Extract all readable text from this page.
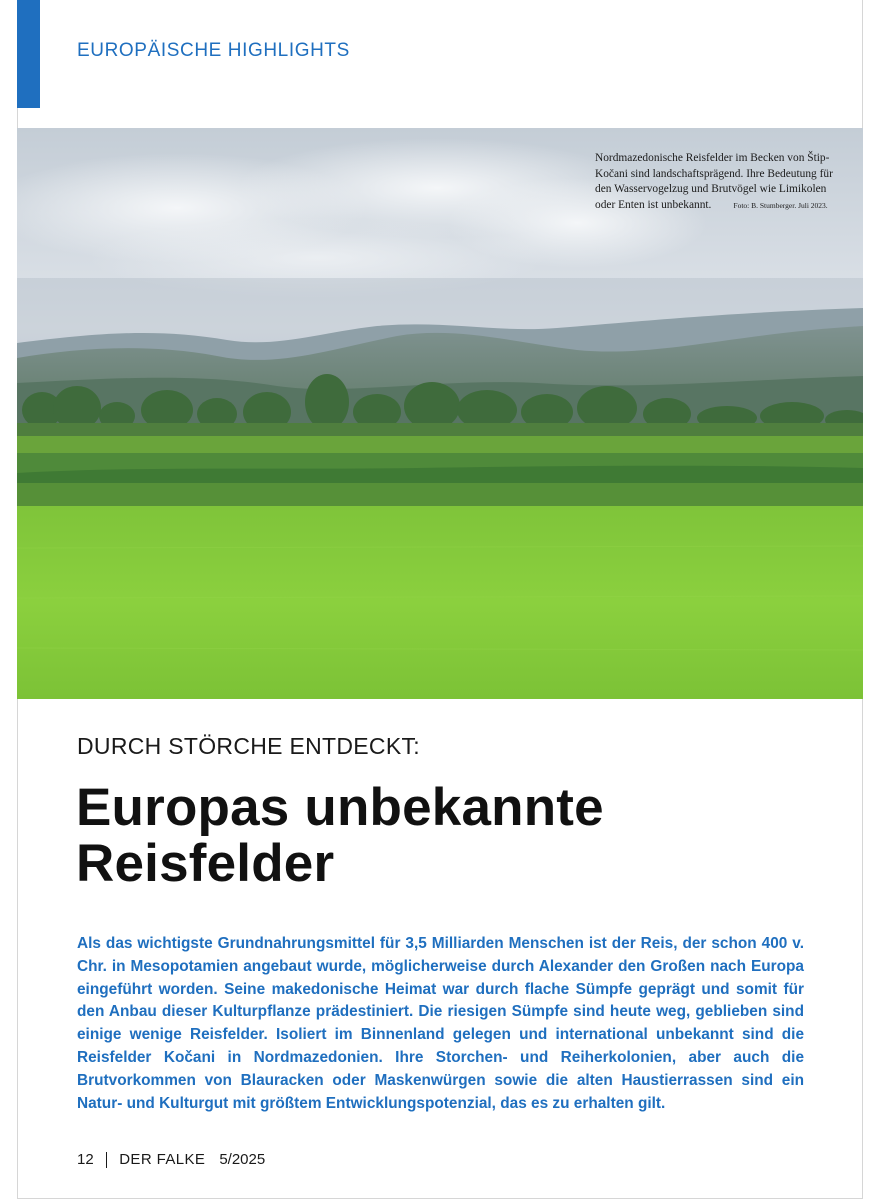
EUROPÄISCHE HIGHLIGHTS
Nordmazedonische Reisfelder im Becken von Štip-Kočani sind landschaftsprägend. Ihre Bedeutung für den Wasservogelzug und Brutvögel wie Limikolen oder Enten ist unbekannt.	Foto: B. Stumberger. Juli 2023.
DURCH STÖRCHE ENTDECKT:
Europas unbekannte
Reisfelder
Als das wichtigste Grundnahrungsmittel für 3,5 Milliarden Menschen ist der Reis, der schon 400 v. Chr. in Mesopotamien angebaut wurde, möglicherweise durch Alexander den Großen nach Europa eingeführt worden. Seine makedonische Heimat war durch flache Sümpfe geprägt und somit für den Anbau dieser Kulturpflanze prädestiniert. Die riesigen Sümpfe sind heute weg, geblieben sind einige wenige Reisfelder. Isoliert im Binnenland gelegen und international unbekannt sind die Reisfelder Kočani in Nordmazedonien. Ihre Storchen- und Reiherkolonien, aber auch die Brutvorkommen von Blauracken oder Maskenwürgen sowie die alten Haustierrassen sind ein Natur- und Kulturgut mit größtem Entwicklungspotenzial, das es zu erhalten gilt.
12 DER FALKE 5/2025
